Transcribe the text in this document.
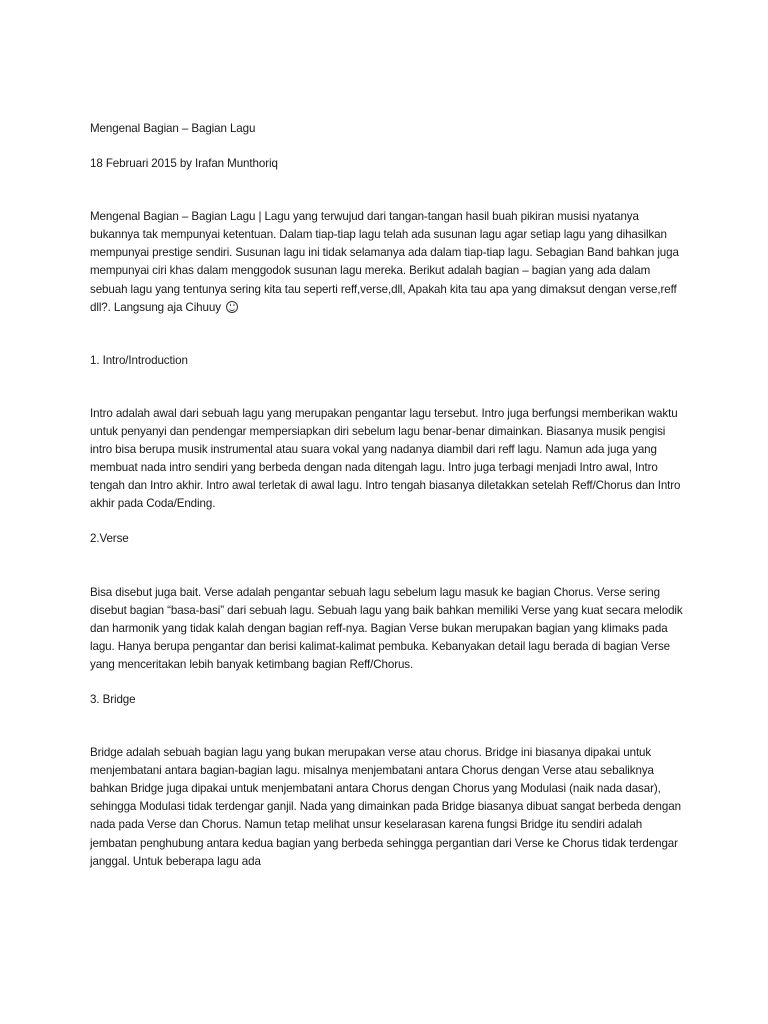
Mengenal Bagian – Bagian Lagu

18 Februari 2015 by Irafan Munthoriq

Mengenal Bagian – Bagian Lagu | Lagu yang terwujud dari tangan-tangan hasil buah pikiran musisi nyatanya bukannya tak mempunyai ketentuan. Dalam tiap-tiap lagu telah ada susunan lagu agar setiap lagu yang dihasilkan mempunyai prestige sendiri. Susunan lagu ini tidak selamanya ada dalam tiap-tiap lagu. Sebagian Band bahkan juga mempunyai ciri khas dalam menggodok susunan lagu mereka. Berikut adalah bagian – bagian yang ada dalam sebuah lagu yang tentunya sering kita tau seperti reff,verse,dll, Apakah kita tau apa yang dimaksut dengan verse,reff dll?. Langsung aja Cihuuy

1. Intro/Introduction

Intro adalah awal dari sebuah lagu yang merupakan pengantar lagu tersebut. Intro juga berfungsi memberikan waktu untuk penyanyi dan pendengar mempersiapkan diri sebelum lagu benar-benar dimainkan. Biasanya musik pengisi intro bisa berupa musik instrumental atau suara vokal yang nadanya diambil dari reff lagu. Namun ada juga yang membuat nada intro sendiri yang berbeda dengan nada ditengah lagu. Intro juga terbagi menjadi Intro awal, Intro tengah dan Intro akhir. Intro awal terletak di awal lagu. Intro tengah biasanya diletakkan setelah Reff/Chorus dan Intro akhir pada Coda/Ending.

2.Verse

Bisa disebut juga bait. Verse adalah pengantar sebuah lagu sebelum lagu masuk ke bagian Chorus. Verse sering disebut bagian “basa-basi” dari sebuah lagu. Sebuah lagu yang baik bahkan memiliki Verse yang kuat secara melodik dan harmonik yang tidak kalah dengan bagian reff-nya. Bagian Verse bukan merupakan bagian yang klimaks pada lagu. Hanya berupa pengantar dan berisi kalimat-kalimat pembuka. Kebanyakan detail lagu berada di bagian Verse yang menceritakan lebih banyak ketimbang bagian Reff/Chorus.

3. Bridge

Bridge adalah sebuah bagian lagu yang bukan merupakan verse atau chorus. Bridge ini biasanya dipakai untuk menjembatani antara bagian-bagian lagu. misalnya menjembatani antara Chorus dengan Verse atau sebaliknya bahkan Bridge juga dipakai untuk menjembatani antara Chorus dengan Chorus yang Modulasi (naik nada dasar), sehingga Modulasi tidak terdengar ganjil. Nada yang dimainkan pada Bridge biasanya dibuat sangat berbeda dengan nada pada Verse dan Chorus. Namun tetap melihat unsur keselarasan karena fungsi Bridge itu sendiri adalah jembatan penghubung antara kedua bagian yang berbeda sehingga pergantian dari Verse ke Chorus tidak terdengar janggal. Untuk beberapa lagu ada
